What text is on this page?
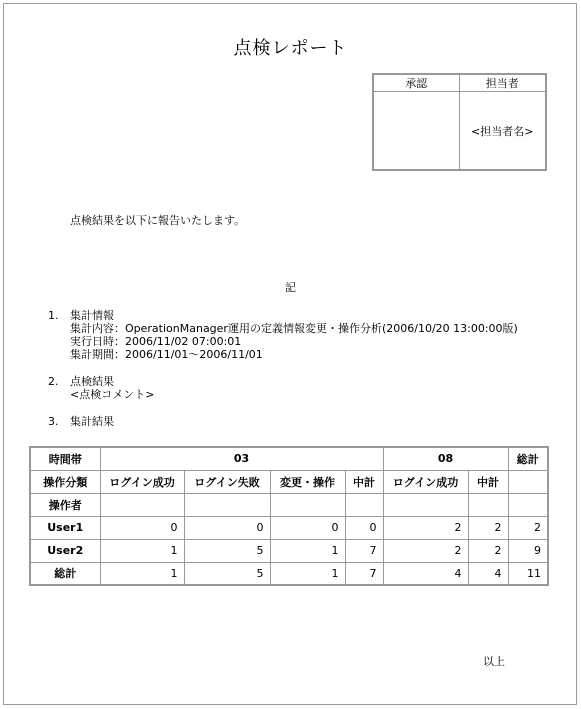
点検レポート
承認	担当者
	<担当者名>
点検結果を以下に報告いたします。
記
1. 集計情報
集計内容：OperationManager運用の定義情報変更・操作分析(2006/10/20 13:00:00版)
実行日時：2006/11/02 07:00:01
集計期間：2006/11/01～2006/11/01
2. 点検結果
<点検コメント>
3. 集計結果
時間帯	03				08		総計
操作分類	ログイン成功	ログイン失敗	変更・操作	中計	ログイン成功	中計	
操作者							
User1	0	0	0	0	2	2	2
User2	1	5	1	7	2	2	9
総計	1	5	1	7	4	4	11
以上
